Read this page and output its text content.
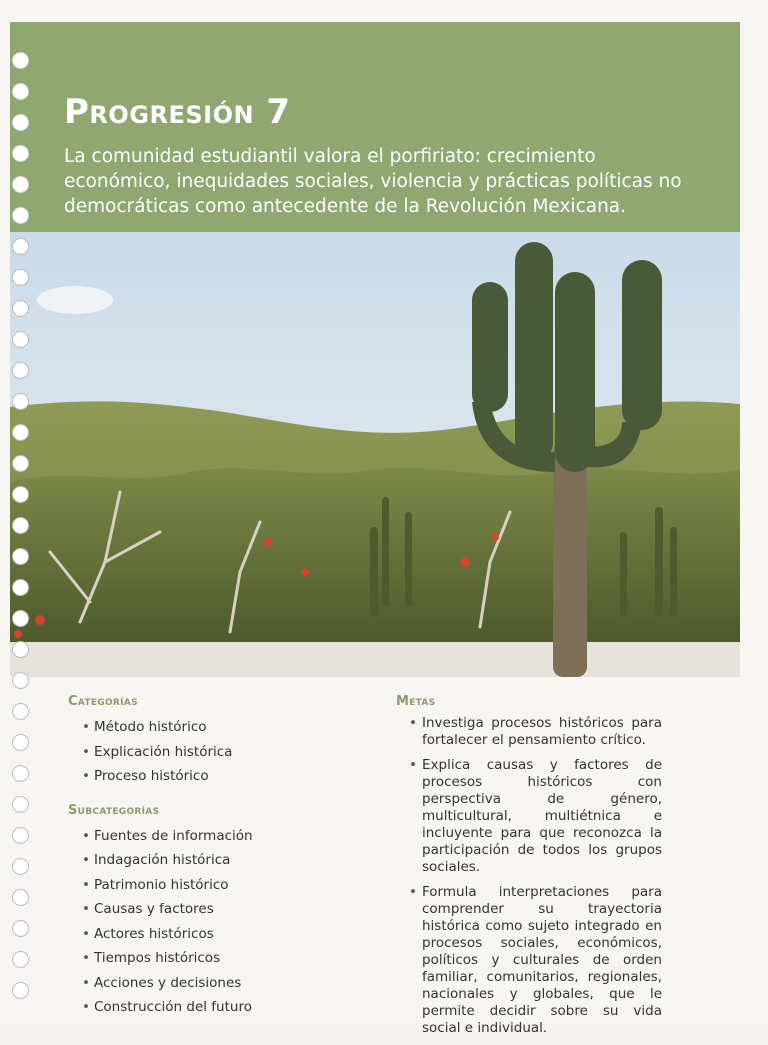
Progresión 7

La comunidad estudiantil valora el porfiriato: crecimiento económico, inequidades sociales, violencia y prácticas políticas no democráticas como antecedente de la Revolución Mexicana.

Categorías
• Método histórico
• Explicación histórica
• Proceso histórico
Subcategorías
• Fuentes de información
• Indagación histórica
• Patrimonio histórico
• Causas y factores
• Actores históricos
• Tiempos históricos
• Acciones y decisiones
• Construcción del futuro
Metas
• Investiga procesos históricos para fortalecer el pensamiento crítico.
• Explica causas y factores de procesos históricos con perspectiva de género, multicultural, multiétnica e incluyente para que reconozca la participación de todos los grupos sociales.
• Formula interpretaciones para comprender su trayectoria histórica como sujeto integrado en procesos sociales, económicos, políticos y culturales de orden familiar, comunitarios, regionales, nacionales y globales, que le permite decidir sobre su vida social e individual.
